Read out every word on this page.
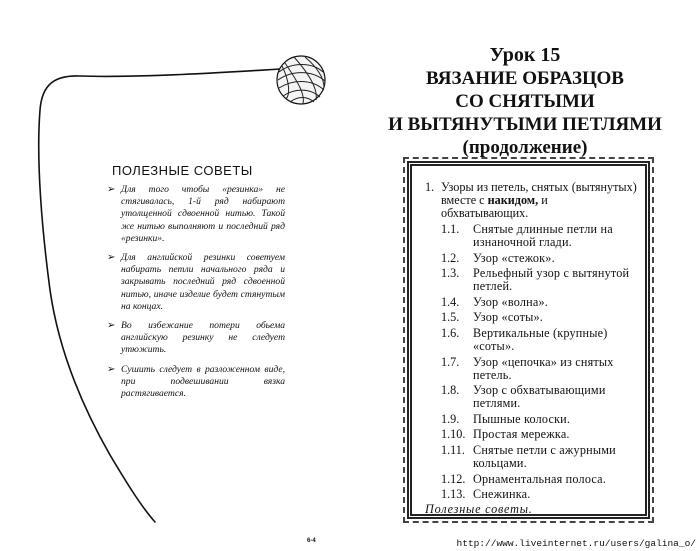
ПОЛЕЗНЫЕ СОВЕТЫ
➢ Для того чтобы «резинка» не стягивалась, 1-й ряд набирают утолщенной сдвоенной нитью. Такой же нитью выполняют и последний ряд «резинки».
➢ Для английской резинки советуем набирать петли начального ряда и закрывать последний ряд сдвоенной нитью, иначе изделие будет стянутым на концах.
➢ Во избежание потери обьема английскую резинку не следует утюжить.
➢ Сушить следует в разложенном виде, при подвешивании вязка растягивается.
6-4
Урок 15
ВЯЗАНИЕ ОБРАЗЦОВ
СО СНЯТЫМИ
И ВЫТЯНУТЫМИ ПЕТЛЯМИ
(продолжение)
1. Узоры из петель, снятых (вытянутых) вместе с накидом, и обхватывающих.
1.1.	Снятые длинные петли на изнаночной глади.
1.2.	Узор «стежок».
1.3.	Рельефный узор с вытянутой петлей.
1.4.	Узор «волна».
1.5.	Узор «соты».
1.6.	Вертикальные (крупные) «соты».
1.7.	Узор «цепочка» из снятых петель.
1.8.	Узор с обхватывающими петлями.
1.9.	Пышные колоски.
1.10. Простая мережка.
1.11. Снятые петли с ажурными кольцами.
1.12. Орнаментальная полоса.
1.13. Снежинка.
Полезные советы.
http://www.liveinternet.ru/users/galina_o/
